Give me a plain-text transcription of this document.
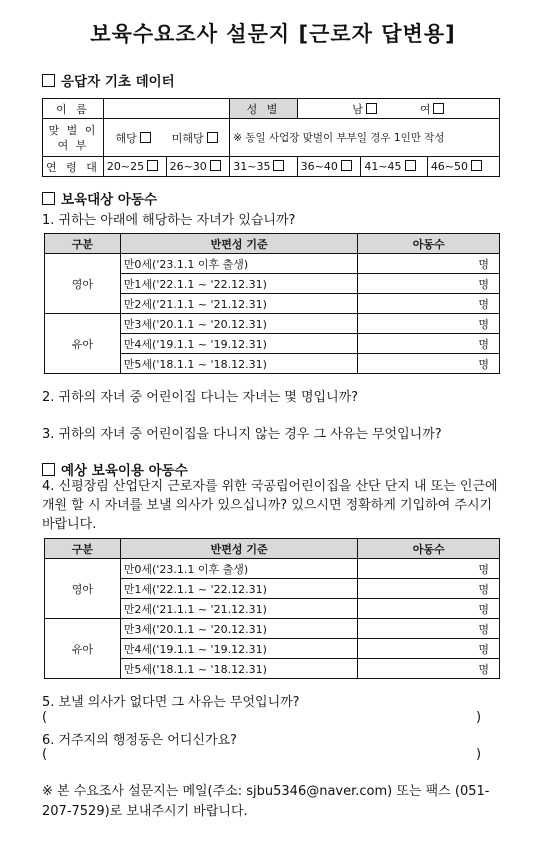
보육수요조사 설문지 [근로자 답변용]
응답자 기초 데이터
이 름			성 별	남 여		
맞 벌 이 여 부	해당 미해당		※ 동일 사업장 맞벌이 부부일 경우 1인만 작성			
연 령 대	20~25	26~30	31~35	36~40	41~45	46~50
보육대상 아동수
1. 귀하는 아래에 해당하는 자녀가 있습니까?
구분	반편성 기준	아동수
영아	만0세('23.1.1 이후 출생)	명
	만1세('22.1.1 ~ '22.12.31)	명
	만2세('21.1.1 ~ '21.12.31)	명
유아	만3세('20.1.1 ~ '20.12.31)	명
	만4세('19.1.1 ~ '19.12.31)	명
	만5세('18.1.1 ~ '18.12.31)	명
2. 귀하의 자녀 중 어린이집 다니는 자녀는 몇 명입니까?
3. 귀하의 자녀 중 어린이집을 다니지 않는 경우 그 사유는 무엇입니까?
예상 보육이용 아동수
4. 신평장림 산업단지 근로자를 위한 국공립어린이집을 산단 단지 내 또는 인근에 개원 할 시 자녀를 보낼 의사가 있으십니까? 있으시면 정확하게 기입하여 주시기 바랍니다.
구분	반편성 기준	아동수
영아	만0세('23.1.1 이후 출생)	명
	만1세('22.1.1 ~ '22.12.31)	명
	만2세('21.1.1 ~ '21.12.31)	명
유아	만3세('20.1.1 ~ '20.12.31)	명
	만4세('19.1.1 ~ '19.12.31)	명
	만5세('18.1.1 ~ '18.12.31)	명
5. 보낼 의사가 없다면 그 사유는 무엇입니까?
(	)
6. 거주지의 행정동은 어디신가요?
(	)
※ 본 수요조사 설문지는 메일(주소: sjbu5346@naver.com) 또는 팩스 (051-207-7529)로 보내주시기 바랍니다.
